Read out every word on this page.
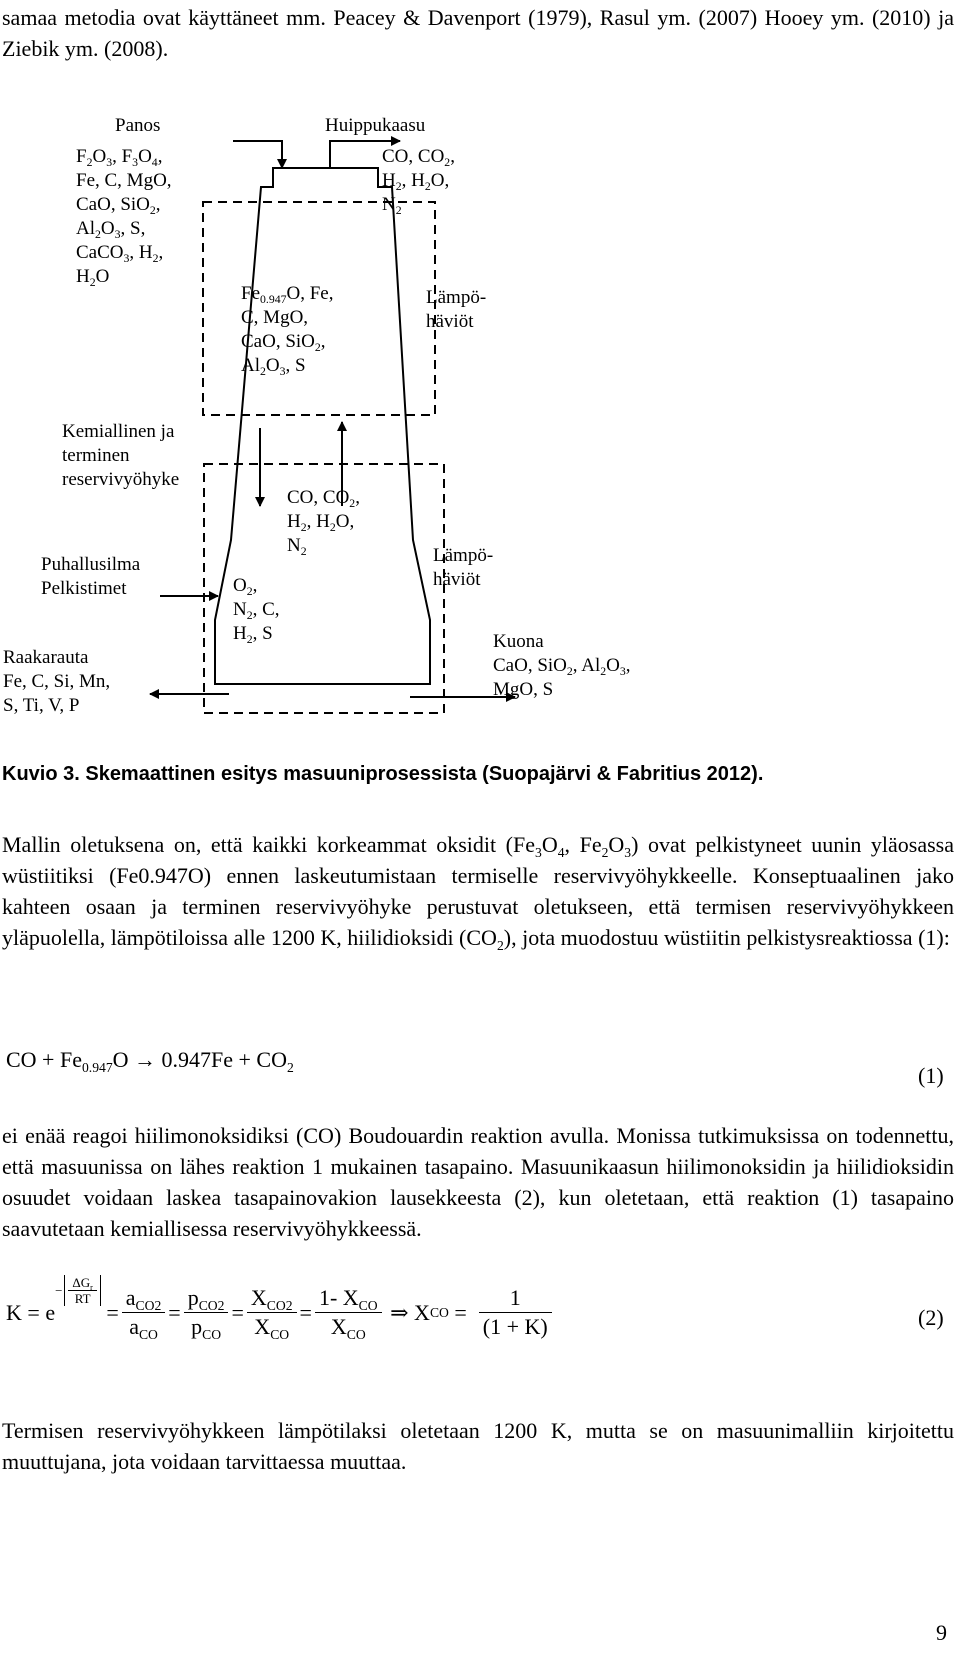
samaa metodia ovat käyttäneet mm. Peacey & Davenport (1979), Rasul ym. (2007) Hooey ym. (2010) ja Ziebik ym. (2008).
Panos
$F_2O_3$, $F_3O_4$,
Fe, C, MgO,
CaO, SiO$_2$,
$Al_2O_3$, S,
CaCO$_3$, $H_2$,
$H_2O$
Huippukaasu
CO, $CO_2$,
$H_2$, $H_2O$,
$N_2$
$Fe_{0.947}O$, Fe,
C, MgO,
CaO, SiO$_2$,
$Al_2O_3$, S
Lämpö-
häviöt
Kemiallinen ja
terminen
reservivyöhyke
CO, $CO_2$,
$H_2$, $H_2O$,
$N_2$	Lämpö-
häviöt
Puhallusilma
Pelkistimet	$O_2$,
$N_2$, C,
$H_2$, S
Raakarauta
Fe, C, Si, Mn,
S, Ti, V, P
Kuona
CaO, SiO$_2$, $Al_2O_3$,
MgO, S
Kuvio 3. Skemaattinen esitys masuuniprosessista (Suopajärvi & Fabritius 2012).
Mallin oletuksena on, että kaikki korkeammat oksidit ($Fe_3O_4$, $Fe_2O_3$) ovat pelkistyneet uunin yläosassa wüstiitiksi (Fe0.947O) ennen laskeutumistaan termiselle reservivyöhykkeelle. Konseptuaalinen jako kahteen osaan ja terminen reservivyöhyke perustuvat oletukseen, että termisen reservivyöhykkeen yläpuolella, lämpötiloissa alle 1200 K, hiilidioksidi $(CO_2)$, jota muodostuu wüstiitin pelkistysreaktiossa (1):
CO + $Fe_{0.947}O \to 0.947Fe + CO_2$	(1)
ei enää reagoi hiilimonoksidiksi (CO) Boudouardin reaktion avulla. Monissa tutkimuksissa on todennettu, että masuunissa on lähes reaktion 1 mukainen tasapaino. Masuunikaasun hiilimonoksidin ja hiilidioksidin osuudet voidaan laskea tasapainovakion lausekkeesta (2), kun oletetaan, että reaktion (1) tasapaino saavutetaan kemiallisessa reservivyöhykkeessä.
K
=
e
− $\Delta G_r$
RT

=
$a_{CO2}$
$a_{CO}$
=
$p_{CO2}$
$p_{CO}$
=
$X_{CO2}$
$X_{CO}$
=
1- $X_{CO}$
$X_{CO}$

⇒
X CO
= $\frac{1}{(1 + K)}$	(2)
Termisen reservivyöhykkeen lämpötilaksi oletetaan 1200 K, mutta se on masuunimalliin kirjoitettu muuttujana, jota voidaan tarvittaessa muuttaa.
9
